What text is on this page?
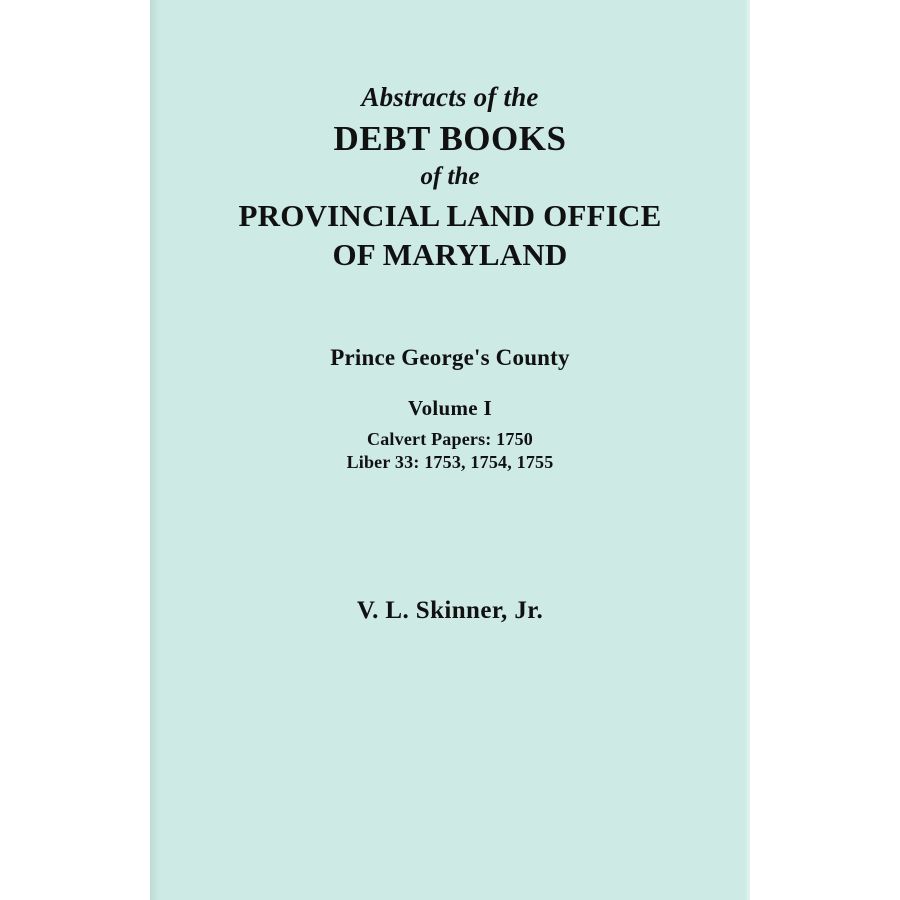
Abstracts of the
DEBT BOOKS
of the
PROVINCIAL LAND OFFICE
OF MARYLAND
Prince George's County
Volume I
Calvert Papers: 1750
Liber 33: 1753, 1754, 1755
V. L. Skinner, Jr.
